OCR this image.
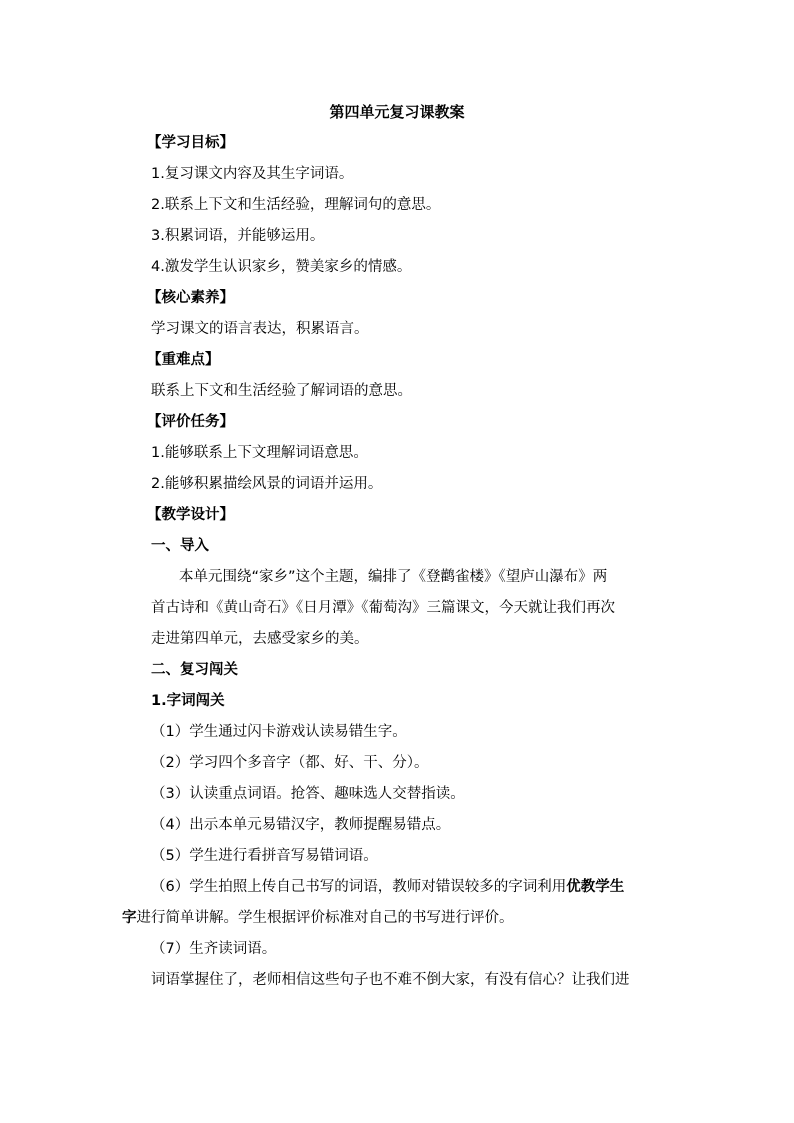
第四单元复习课教案
【学习目标】
1.复习课文内容及其生字词语。
2.联系上下文和生活经验，理解词句的意思。
3.积累词语，并能够运用。
4.激发学生认识家乡，赞美家乡的情感。
【核心素养】
学习课文的语言表达，积累语言。
【重难点】
联系上下文和生活经验了解词语的意思。
【评价任务】
1.能够联系上下文理解词语意思。
2.能够积累描绘风景的词语并运用。
【教学设计】
一、导入
本单元围绕“家乡”这个主题，编排了《登鹳雀楼》《望庐山瀑布》两
首古诗和《黄山奇石》《日月潭》《葡萄沟》三篇课文，今天就让我们再次
走进第四单元，去感受家乡的美。
二、复习闯关
1.字词闯关
（1）学生通过闪卡游戏认读易错生字。
（2）学习四个多音字（都、好、干、分）。
（3）认读重点词语。抢答、趣味选人交替指读。
（4）出示本单元易错汉字，教师提醒易错点。
（5）学生进行看拼音写易错词语。
（6）学生拍照上传自己书写的词语，教师对错误较多的字词利用优教学生
字进行简单讲解。学生根据评价标准对自己的书写进行评价。
（7）生齐读词语。
词语掌握住了，老师相信这些句子也不难不倒大家，有没有信心？让我们进
